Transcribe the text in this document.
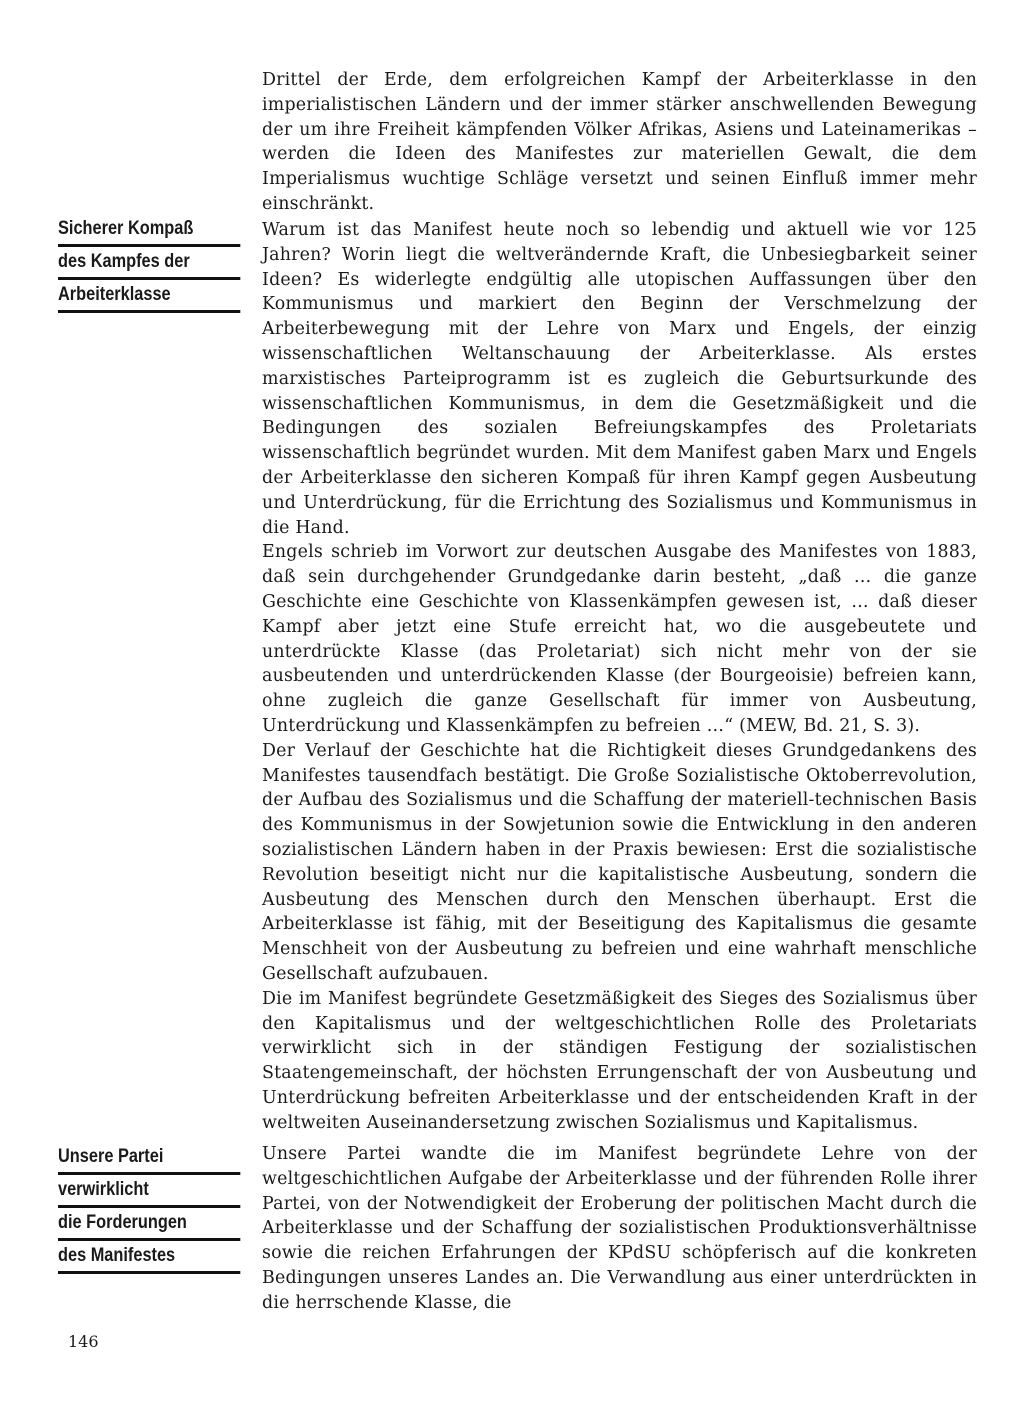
Sicherer Kompaß
des Kampfes der
Arbeiterklasse
Unsere Partei
verwirklicht
die Forderungen
des Manifestes

Drittel der Erde, dem erfolgreichen Kampf der Arbeiterklasse in den imperialistischen Ländern und der immer stärker anschwellenden Bewegung der um ihre Freiheit kämpfenden Völker Afrikas, Asiens und Lateinamerikas – werden die Ideen des Manifestes zur materiellen Gewalt, die dem Imperialismus wuchtige Schläge versetzt und seinen Einfluß immer mehr einschränkt.

Warum ist das Manifest heute noch so lebendig und aktuell wie vor 125 Jahren? Worin liegt die weltverändernde Kraft, die Unbesiegbarkeit seiner Ideen? Es widerlegte endgültig alle utopischen Auffassungen über den Kommunismus und markiert den Beginn der Verschmelzung der Arbeiterbewegung mit der Lehre von Marx und Engels, der einzig wissenschaftlichen Weltanschauung der Arbeiterklasse. Als erstes marxistisches Parteiprogramm ist es zugleich die Geburtsurkunde des wissenschaftlichen Kommunismus, in dem die Gesetzmäßigkeit und die Bedingungen des sozialen Befreiungskampfes des Proletariats wissenschaftlich begründet wurden. Mit dem Manifest gaben Marx und Engels der Arbeiterklasse den sicheren Kompaß für ihren Kampf gegen Ausbeutung und Unterdrückung, für die Errichtung des Sozialismus und Kommunismus in die Hand.

Engels schrieb im Vorwort zur deutschen Ausgabe des Manifestes von 1883, daß sein durchgehender Grundgedanke darin besteht, „daß … die ganze Geschichte eine Geschichte von Klassenkämpfen gewesen ist, … daß dieser Kampf aber jetzt eine Stufe erreicht hat, wo die ausgebeutete und unterdrückte Klasse (das Proletariat) sich nicht mehr von der sie ausbeutenden und unterdrückenden Klasse (der Bourgeoisie) befreien kann, ohne zugleich die ganze Gesellschaft für immer von Ausbeutung, Unterdrückung und Klassenkämpfen zu befreien …“ (MEW, Bd. 21, S. 3).

Der Verlauf der Geschichte hat die Richtigkeit dieses Grundgedankens des Manifestes tausendfach bestätigt. Die Große Sozialistische Oktoberrevolution, der Aufbau des Sozialismus und die Schaffung der materiell-technischen Basis des Kommunismus in der Sowjetunion sowie die Entwicklung in den anderen sozialistischen Ländern haben in der Praxis bewiesen: Erst die sozialistische Revolution beseitigt nicht nur die kapitalistische Ausbeutung, sondern die Ausbeutung des Menschen durch den Menschen überhaupt. Erst die Arbeiterklasse ist fähig, mit der Beseitigung des Kapitalismus die gesamte Menschheit von der Ausbeutung zu befreien und eine wahrhaft menschliche Gesellschaft aufzubauen.

Die im Manifest begründete Gesetzmäßigkeit des Sieges des Sozialismus über den Kapitalismus und der weltgeschichtlichen Rolle des Proletariats verwirklicht sich in der ständigen Festigung der sozialistischen Staatengemeinschaft, der höchsten Errungenschaft der von Ausbeutung und Unterdrückung befreiten Arbeiterklasse und der entscheidenden Kraft in der weltweiten Auseinandersetzung zwischen Sozialismus und Kapitalismus.

Unsere Partei wandte die im Manifest begründete Lehre von der weltgeschichtlichen Aufgabe der Arbeiterklasse und der führenden Rolle ihrer Partei, von der Notwendigkeit der Eroberung der politischen Macht durch die Arbeiterklasse und der Schaffung der sozialistischen Produktionsverhältnisse sowie die reichen Erfahrungen der KPdSU schöpferisch auf die konkreten Bedingungen unseres Landes an. Die Verwandlung aus einer unterdrückten in die herrschende Klasse, die

146
